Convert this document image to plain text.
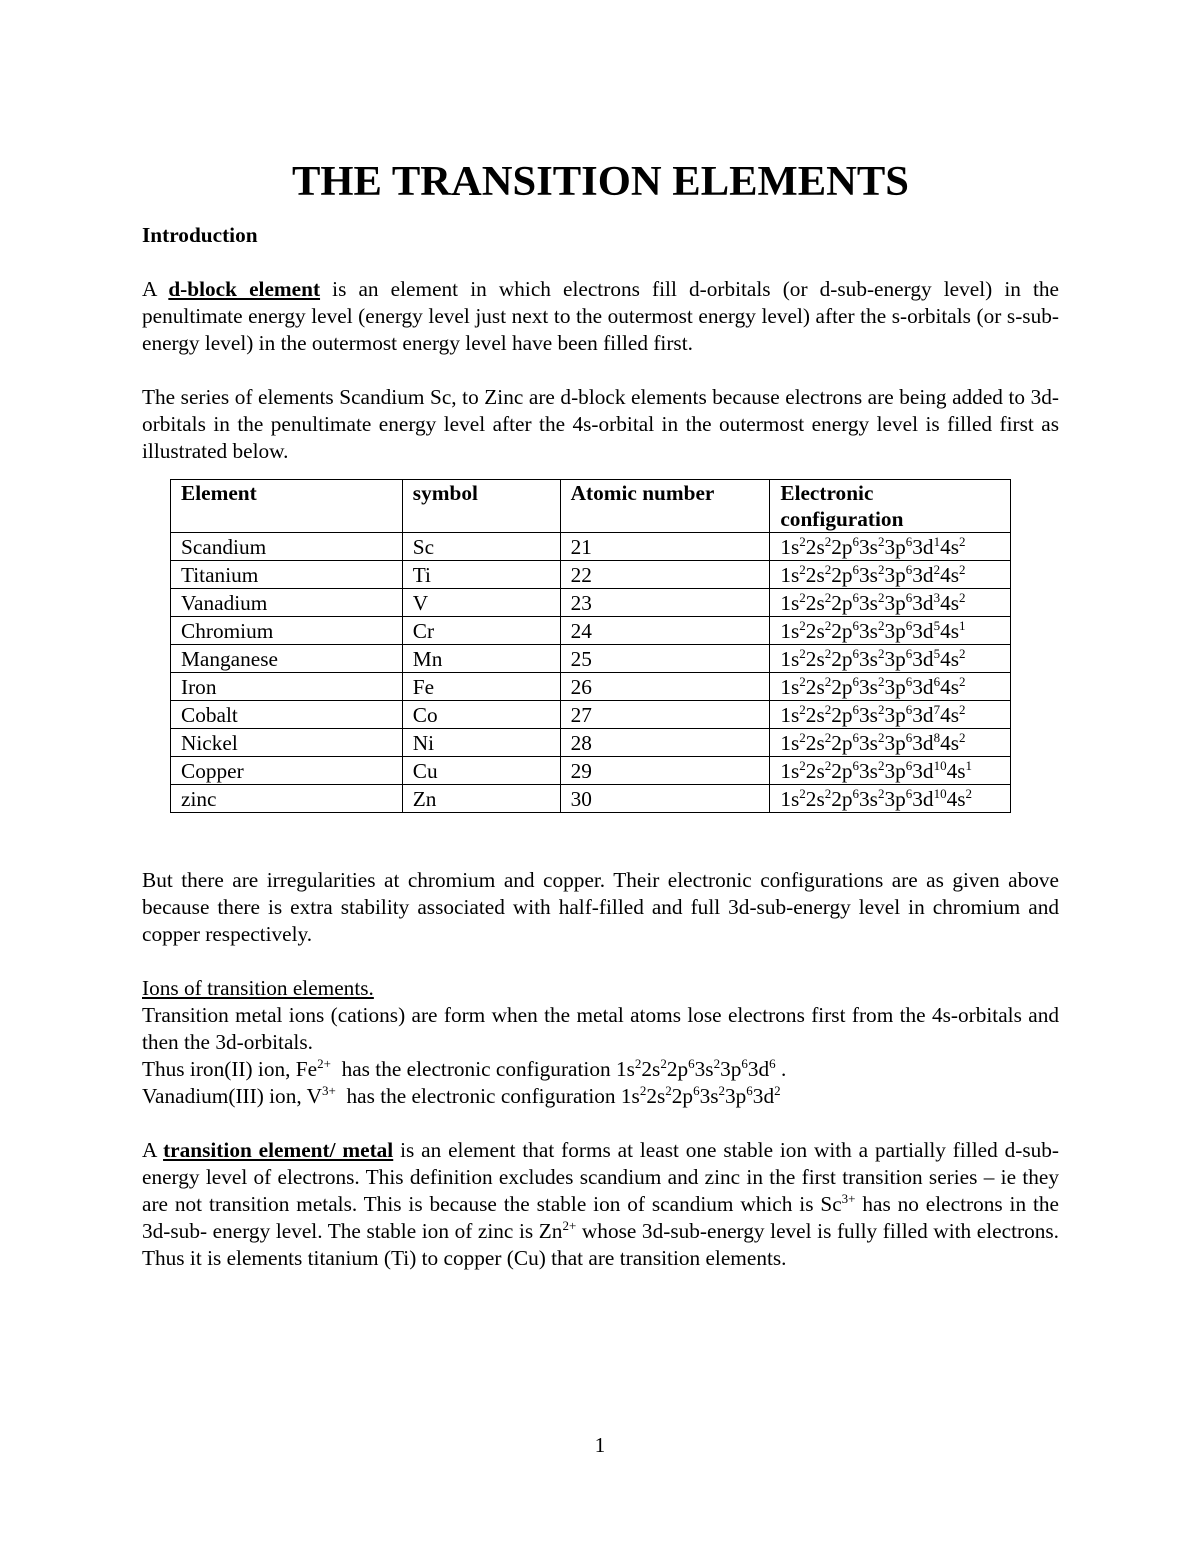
THE TRANSITION ELEMENTS
Introduction

A d-block element is an element in which electrons fill d-orbitals (or d-sub-energy level) in the penultimate energy level (energy level just next to the outermost energy level) after the s-orbitals (or s-sub-energy level) in the outermost energy level have been filled first.

The series of elements Scandium Sc, to Zinc are d-block elements because electrons are being added to 3d-orbitals in the penultimate energy level after the 4s-orbital in the outermost energy level is filled first as illustrated below.

Element	symbol	Atomic number	Electronic configuration
Scandium	Sc	21	$1s^22s^22p^63s^23p^63d^14s^2$
Titanium	Ti	22	$1s^22s^22p^63s^23p^63d^24s^2$
Vanadium	V	23	$1s^22s^22p^63s^23p^63d^34s^2$
Chromium	Cr	24	$1s^22s^22p^63s^23p^63d^54s^1$
Manganese	Mn	25	$1s^22s^22p^63s^23p^63d^54s^2$
Iron	Fe	26	$1s^22s^22p^63s^23p^63d^64s^2$
Cobalt	Co	27	$1s^22s^22p^63s^23p^63d^74s^2$
Nickel	Ni	28	$1s^22s^22p^63s^23p^63d^84s^2$
Copper	Cu	29	$1s^22s^22p^63s^23p^63d^{10}4s^1$
zinc	Zn	30	$1s^22s^22p^63s^23p^63d^{10}4s^2$

But there are irregularities at chromium and copper. Their electronic configurations are as given above because there is extra stability associated with half-filled and full 3d-sub-energy level in chromium and copper respectively.

Ions of transition elements.

Transition metal ions (cations) are form when the metal atoms lose electrons first from the 4s-orbitals and then the 3d-orbitals.

Thus iron(II) ion, $Fe^{2+}$  has the electronic configuration $1s^22s^22p^63s^23p^63d^6$ .

Vanadium(III) ion, $V^{3+}$  has the electronic configuration $1s^22s^22p^63s^23p^63d^2$

A transition element/ metal is an element that forms at least one stable ion with a partially filled d-sub- energy level of electrons. This definition excludes scandium and zinc in the first transition series – ie they are not transition metals. This is because the stable ion of scandium which is $Sc^{3+}$ has no electrons in the 3d-sub- energy level. The stable ion of zinc is $Zn^{2+}$ whose 3d-sub-energy level is fully filled with electrons. Thus it is elements titanium (Ti) to copper (Cu) that are transition elements.

1
